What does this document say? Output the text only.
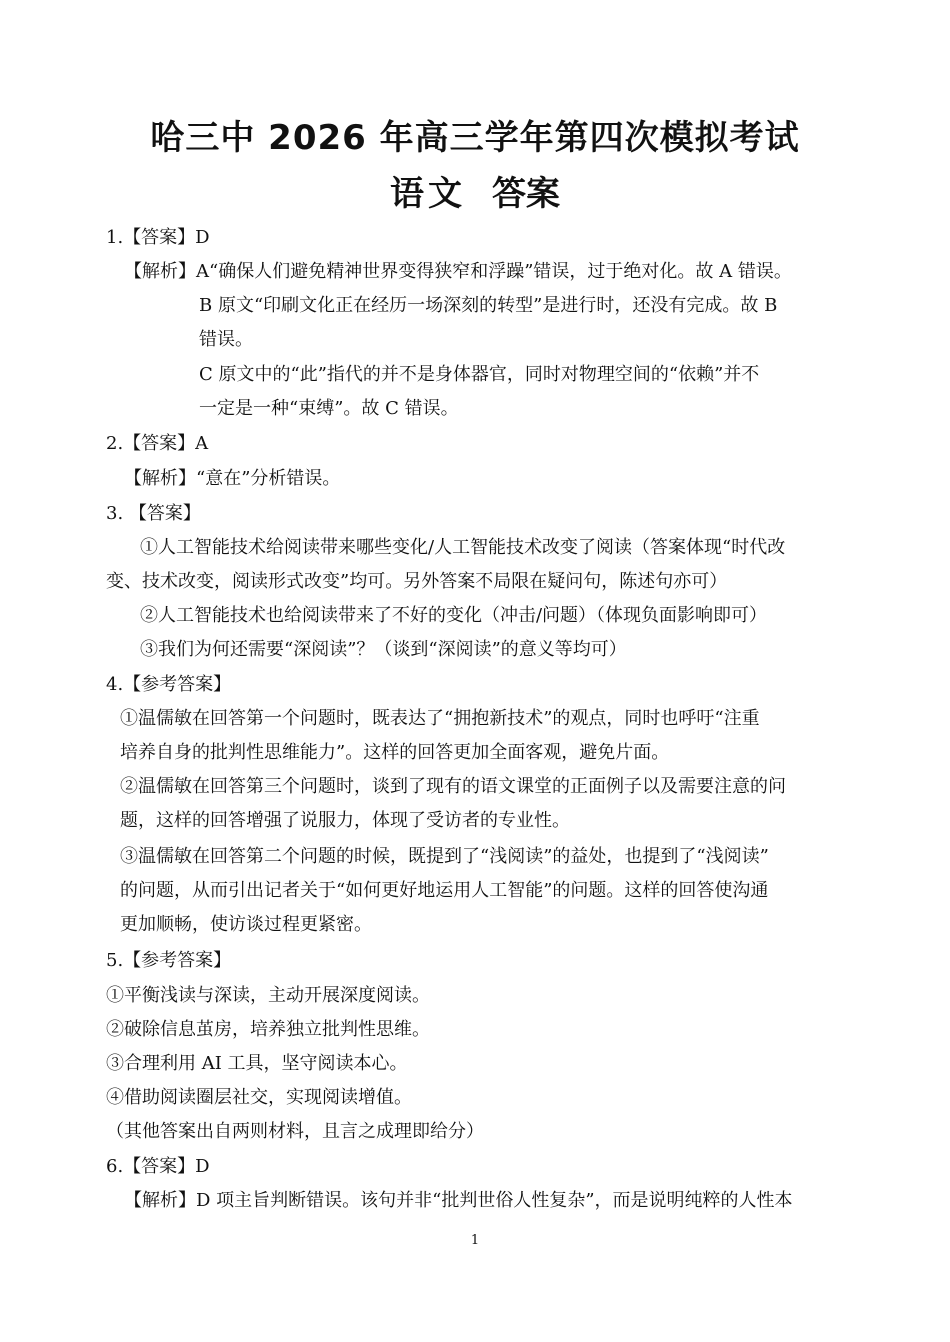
哈三中 2026 年高三学年第四次模拟考试
语文 答案
1.【答案】D
【解析】A“确保人们避免精神世界变得狭窄和浮躁”错误，过于绝对化。故 A 错误。
B 原文“印刷文化正在经历一场深刻的转型”是进行时，还没有完成。故 B
错误。
C 原文中的“此”指代的并不是身体器官，同时对物理空间的“依赖”并不
一定是一种“束缚”。故 C 错误。
2.【答案】A
【解析】“意在”分析错误。
3. 【答案】
①人工智能技术给阅读带来哪些变化/人工智能技术改变了阅读（答案体现“时代改
变、技术改变，阅读形式改变”均可。另外答案不局限在疑问句，陈述句亦可）
②人工智能技术也给阅读带来了不好的变化（冲击/问题）（体现负面影响即可）
③我们为何还需要“深阅读”？（谈到“深阅读”的意义等均可）
4.【参考答案】
①温儒敏在回答第一个问题时，既表达了“拥抱新技术”的观点，同时也呼吁“注重
培养自身的批判性思维能力”。这样的回答更加全面客观，避免片面。
②温儒敏在回答第三个问题时，谈到了现有的语文课堂的正面例子以及需要注意的问
题，这样的回答增强了说服力，体现了受访者的专业性。
③温儒敏在回答第二个问题的时候，既提到了“浅阅读”的益处，也提到了“浅阅读”
的问题，从而引出记者关于“如何更好地运用人工智能”的问题。这样的回答使沟通
更加顺畅，使访谈过程更紧密。
5.【参考答案】
①平衡浅读与深读，主动开展深度阅读。
②破除信息茧房，培养独立批判性思维。
③合理利用 AI 工具，坚守阅读本心。
④借助阅读圈层社交，实现阅读增值。
（其他答案出自两则材料，且言之成理即给分）
6.【答案】D
【解析】D 项主旨判断错误。该句并非“批判世俗人性复杂”，而是说明纯粹的人性本
1
